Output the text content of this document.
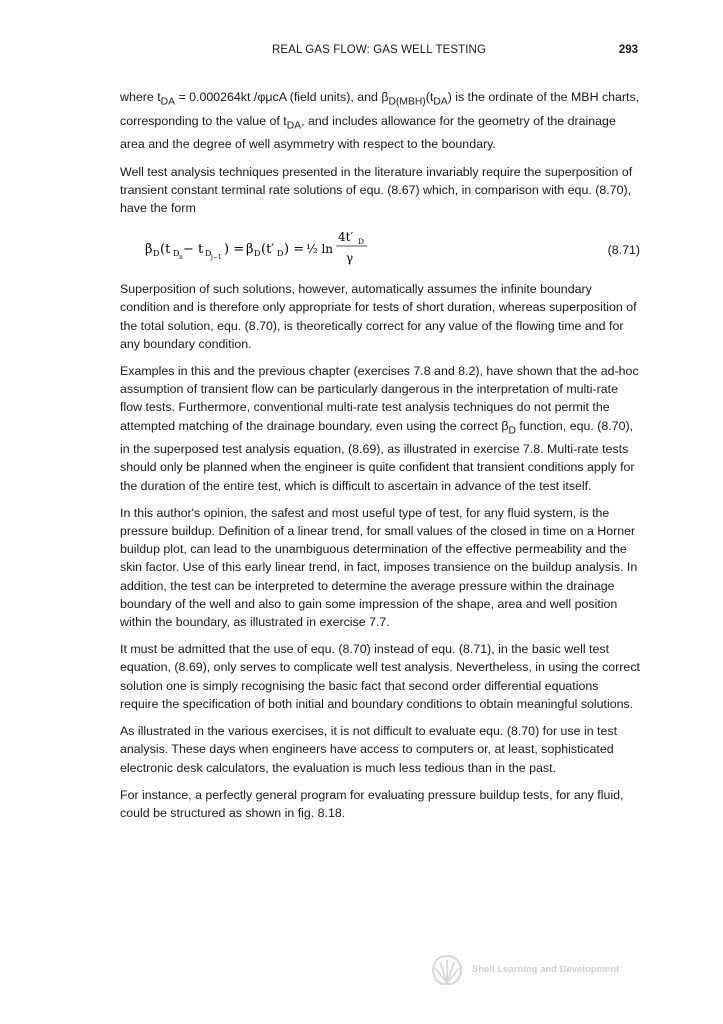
REAL GAS FLOW: GAS WELL TESTING	293

where $t_{DA} = 0.000264kt$ /φμcA (field units), and $\beta_{D(MBH)}(t_{DA})$ is the ordinate of the MBH charts, corresponding to the value of $t_{DA}$, and includes allowance for the geometry of the drainage area and the degree of well asymmetry with respect to the boundary.

Well test analysis techniques presented in the literature invariably require the superposition of transient constant terminal rate solutions of equ. (8.67) which, in comparison with equ. (8.70), have the form

β D (t D n
− t D j−1
) = β D (t′ D ) = ½ ln
4t′ D
γ
(8.71)

Superposition of such solutions, however, automatically assumes the infinite boundary condition and is therefore only appropriate for tests of short duration, whereas superposition of the total solution, equ. (8.70), is theoretically correct for any value of the flowing time and for any boundary condition.

Examples in this and the previous chapter (exercises 7.8 and 8.2), have shown that the ad-hoc assumption of transient flow can be particularly dangerous in the interpretation of multi-rate flow tests. Furthermore, conventional multi-rate test analysis techniques do not permit the attempted matching of the drainage boundary, even using the correct $\beta_D$ function, equ. (8.70), in the superposed test analysis equation, (8.69), as illustrated in exercise 7.8. Multi-rate tests should only be planned when the engineer is quite confident that transient conditions apply for the duration of the entire test, which is difficult to ascertain in advance of the test itself.

In this author's opinion, the safest and most useful type of test, for any fluid system, is the pressure buildup. Definition of a linear trend, for small values of the closed in time on a Horner buildup plot, can lead to the unambiguous determination of the effective permeability and the skin factor. Use of this early linear trend, in fact, imposes transience on the buildup analysis. In addition, the test can be interpreted to determine the average pressure within the drainage boundary of the well and also to gain some impression of the shape, area and well position within the boundary, as illustrated in exercise 7.7.

It must be admitted that the use of equ. (8.70) instead of equ. (8.71), in the basic well test equation, (8.69), only serves to complicate well test analysis. Nevertheless, in using the correct solution one is simply recognising the basic fact that second order differential equations require the specification of both initial and boundary conditions to obtain meaningful solutions.

As illustrated in the various exercises, it is not difficult to evaluate equ. (8.70) for use in test analysis. These days when engineers have access to computers or, at least, sophisticated electronic desk calculators, the evaluation is much less tedious than in the past.

For instance, a perfectly general program for evaluating pressure buildup tests, for any fluid, could be structured as shown in fig. 8.18.

Shell Learning and Development
